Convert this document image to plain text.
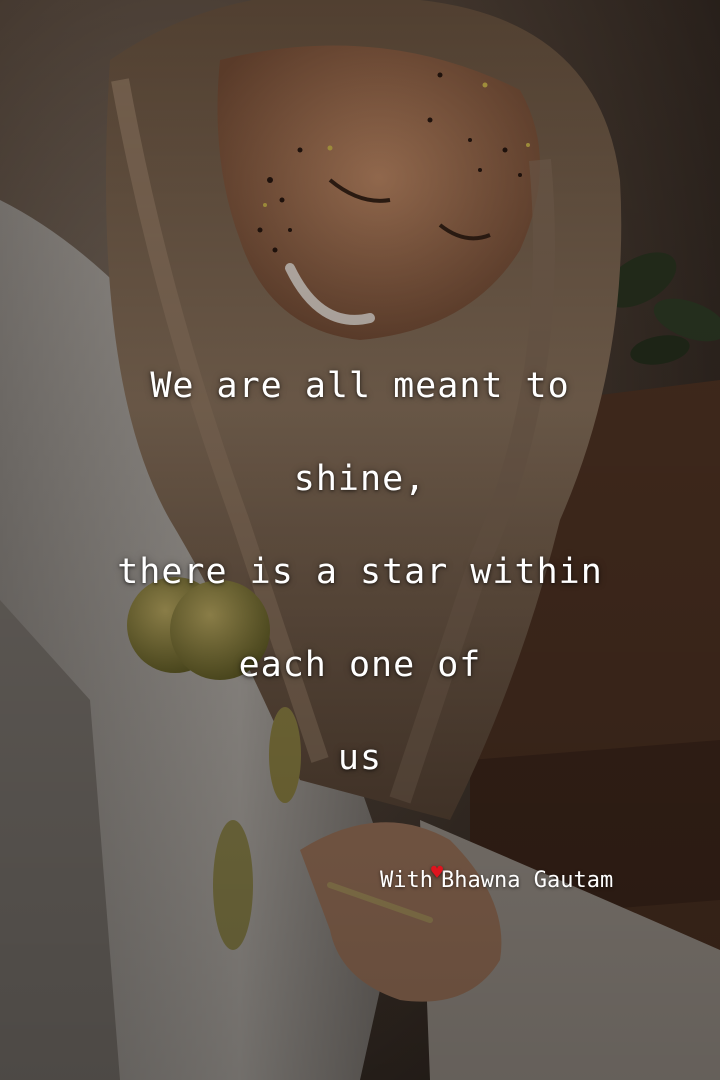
We are all meant to
shine,
there is a star within
each one of
us
With♥Bhawna Gautam
